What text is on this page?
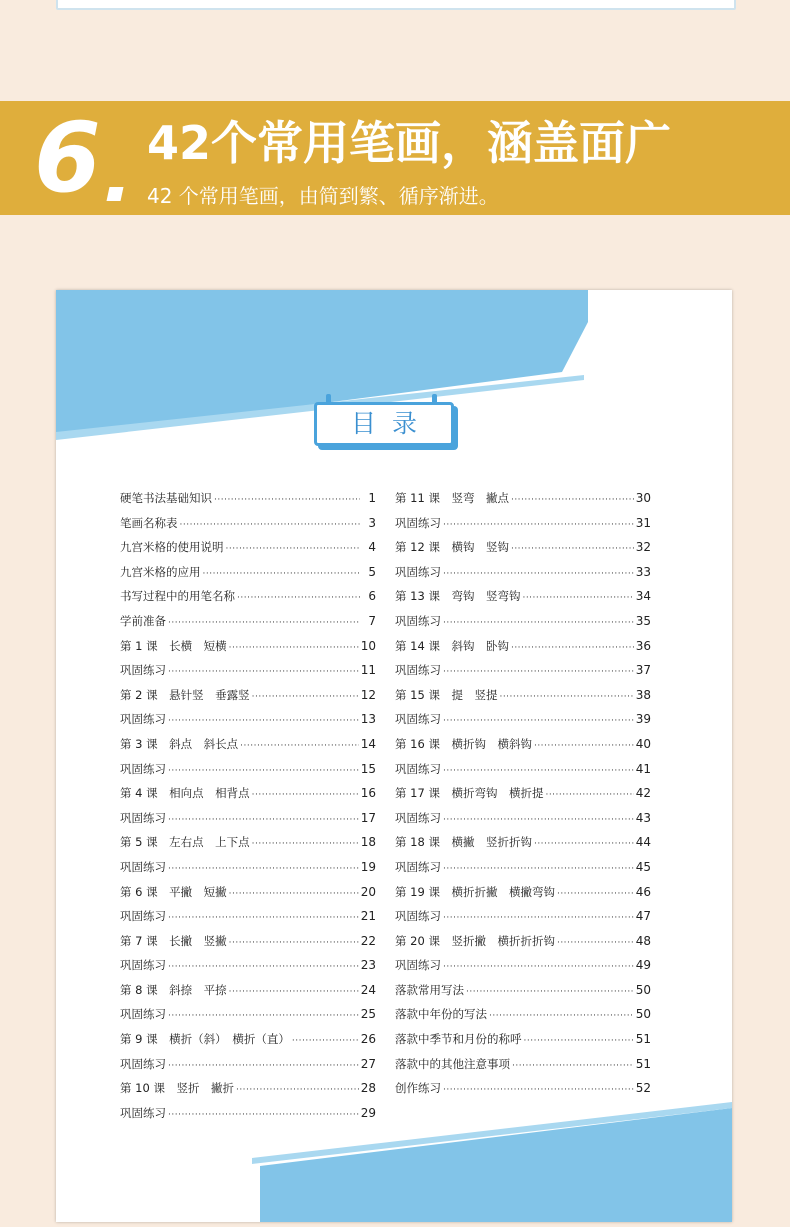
6 42个常用笔画，涵盖面广
42 个常用笔画，由简到繁、循序渐进。
目录
硬笔书法基础知识 ·····	1
笔画名称表 ·····	3
九宫米格的使用说明 ·····	4
九宫米格的应用 ·····	5
书写过程中的用笔名称 ·····	6
学前准备 ·····	7
第 1 课　长横　短横 ·····	10
巩固练习 ·····	11
第 2 课　悬针竖　垂露竖 ·····	12
巩固练习 ·····	13
第 3 课　斜点　斜长点 ·····	14
巩固练习 ·····	15
第 4 课　相向点　相背点 ·····	16
巩固练习 ·····	17
第 5 课　左右点　上下点 ·····	18
巩固练习 ·····	19
第 6 课　平撇　短撇 ·····	20
巩固练习 ·····	21
第 7 课　长撇　竖撇 ·····	22
巩固练习 ·····	23
第 8 课　斜捺　平捺 ·····	24
巩固练习 ·····	25
第 9 课　横折（斜）　横折（直） ·····	26
巩固练习 ·····	27
第 10 课　竖折　撇折 ·····	28
巩固练习 ·····	29
第 11 课　竖弯　撇点 ·····	30
巩固练习 ·····	31
第 12 课　横钩　竖钩 ·····	32
巩固练习 ·····	33
第 13 课　弯钩　竖弯钩 ·····	34
巩固练习 ·····	35
第 14 课　斜钩　卧钩 ·····	36
巩固练习 ·····	37
第 15 课　提　竖提 ·····	38
巩固练习 ·····	39
第 16 课　横折钩　横斜钩 ·····	40
巩固练习 ·····	41
第 17 课　横折弯钩　横折提 ·····	42
巩固练习 ·····	43
第 18 课　横撇　竖折折钩 ·····	44
巩固练习 ·····	45
第 19 课　横折折撇　横撇弯钩 ·····	46
巩固练习 ·····	47
第 20 课　竖折撇　横折折折钩 ·····	48
巩固练习 ·····	49
落款常用写法 ·····	50
落款中年份的写法 ·····	50
落款中季节和月份的称呼 ·····	51
落款中的其他注意事项 ·····	51
创作练习 ·····	52
